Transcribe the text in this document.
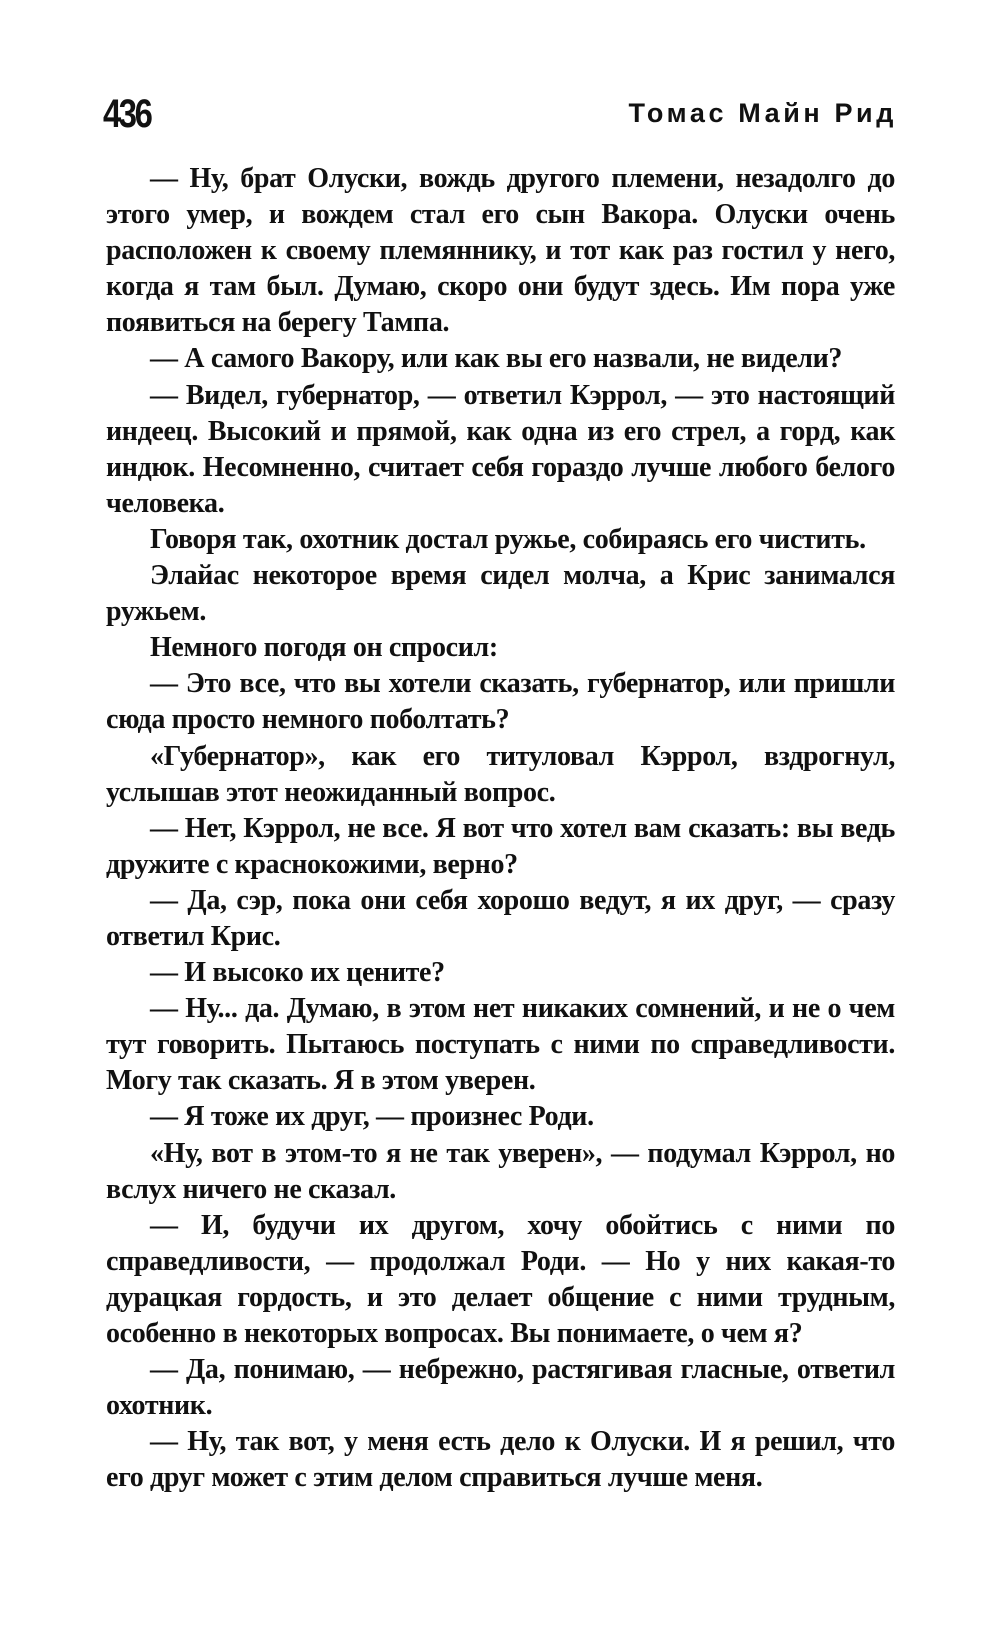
436	Томас Майн Рид

— Ну, брат Олуски, вождь другого племени, незадолго до этого умер, и вождем стал его сын Вакора. Олуски очень расположен к своему племяннику, и тот как раз гостил у него, когда я там был. Думаю, скоро они будут здесь. Им пора уже появиться на берегу Тампа.

— А самого Вакору, или как вы его назвали, не видели?

— Видел, губернатор, — ответил Кэррол, — это настоящий индеец. Высокий и прямой, как одна из его стрел, а горд, как индюк. Несомненно, считает себя гораздо лучше любого белого человека.

Говоря так, охотник достал ружье, собираясь его чистить.

Элайас некоторое время сидел молча, а Крис занимался ружьем.

Немного погодя он спросил:

— Это все, что вы хотели сказать, губернатор, или пришли сюда просто немного поболтать?

«Губернатор», как его титуловал Кэррол, вздрогнул, услышав этот неожиданный вопрос.

— Нет, Кэррол, не все. Я вот что хотел вам сказать: вы ведь дружите с краснокожими, верно?

— Да, сэр, пока они себя хорошо ведут, я их друг, — сразу ответил Крис.

— И высоко их цените?

— Ну... да. Думаю, в этом нет никаких сомнений, и не о чем тут говорить. Пытаюсь поступать с ними по справедливости. Могу так сказать. Я в этом уверен.

— Я тоже их друг, — произнес Роди.

«Ну, вот в этом-то я не так уверен», — подумал Кэррол, но вслух ничего не сказал.

— И, будучи их другом, хочу обойтись с ними по справедливости, — продолжал Роди. — Но у них какая-то дурацкая гордость, и это делает общение с ними трудным, особенно в некоторых вопросах. Вы понимаете, о чем я?

— Да, понимаю, — небрежно, растягивая гласные, ответил охотник.

— Ну, так вот, у меня есть дело к Олуски. И я решил, что его друг может с этим делом справиться лучше меня.
